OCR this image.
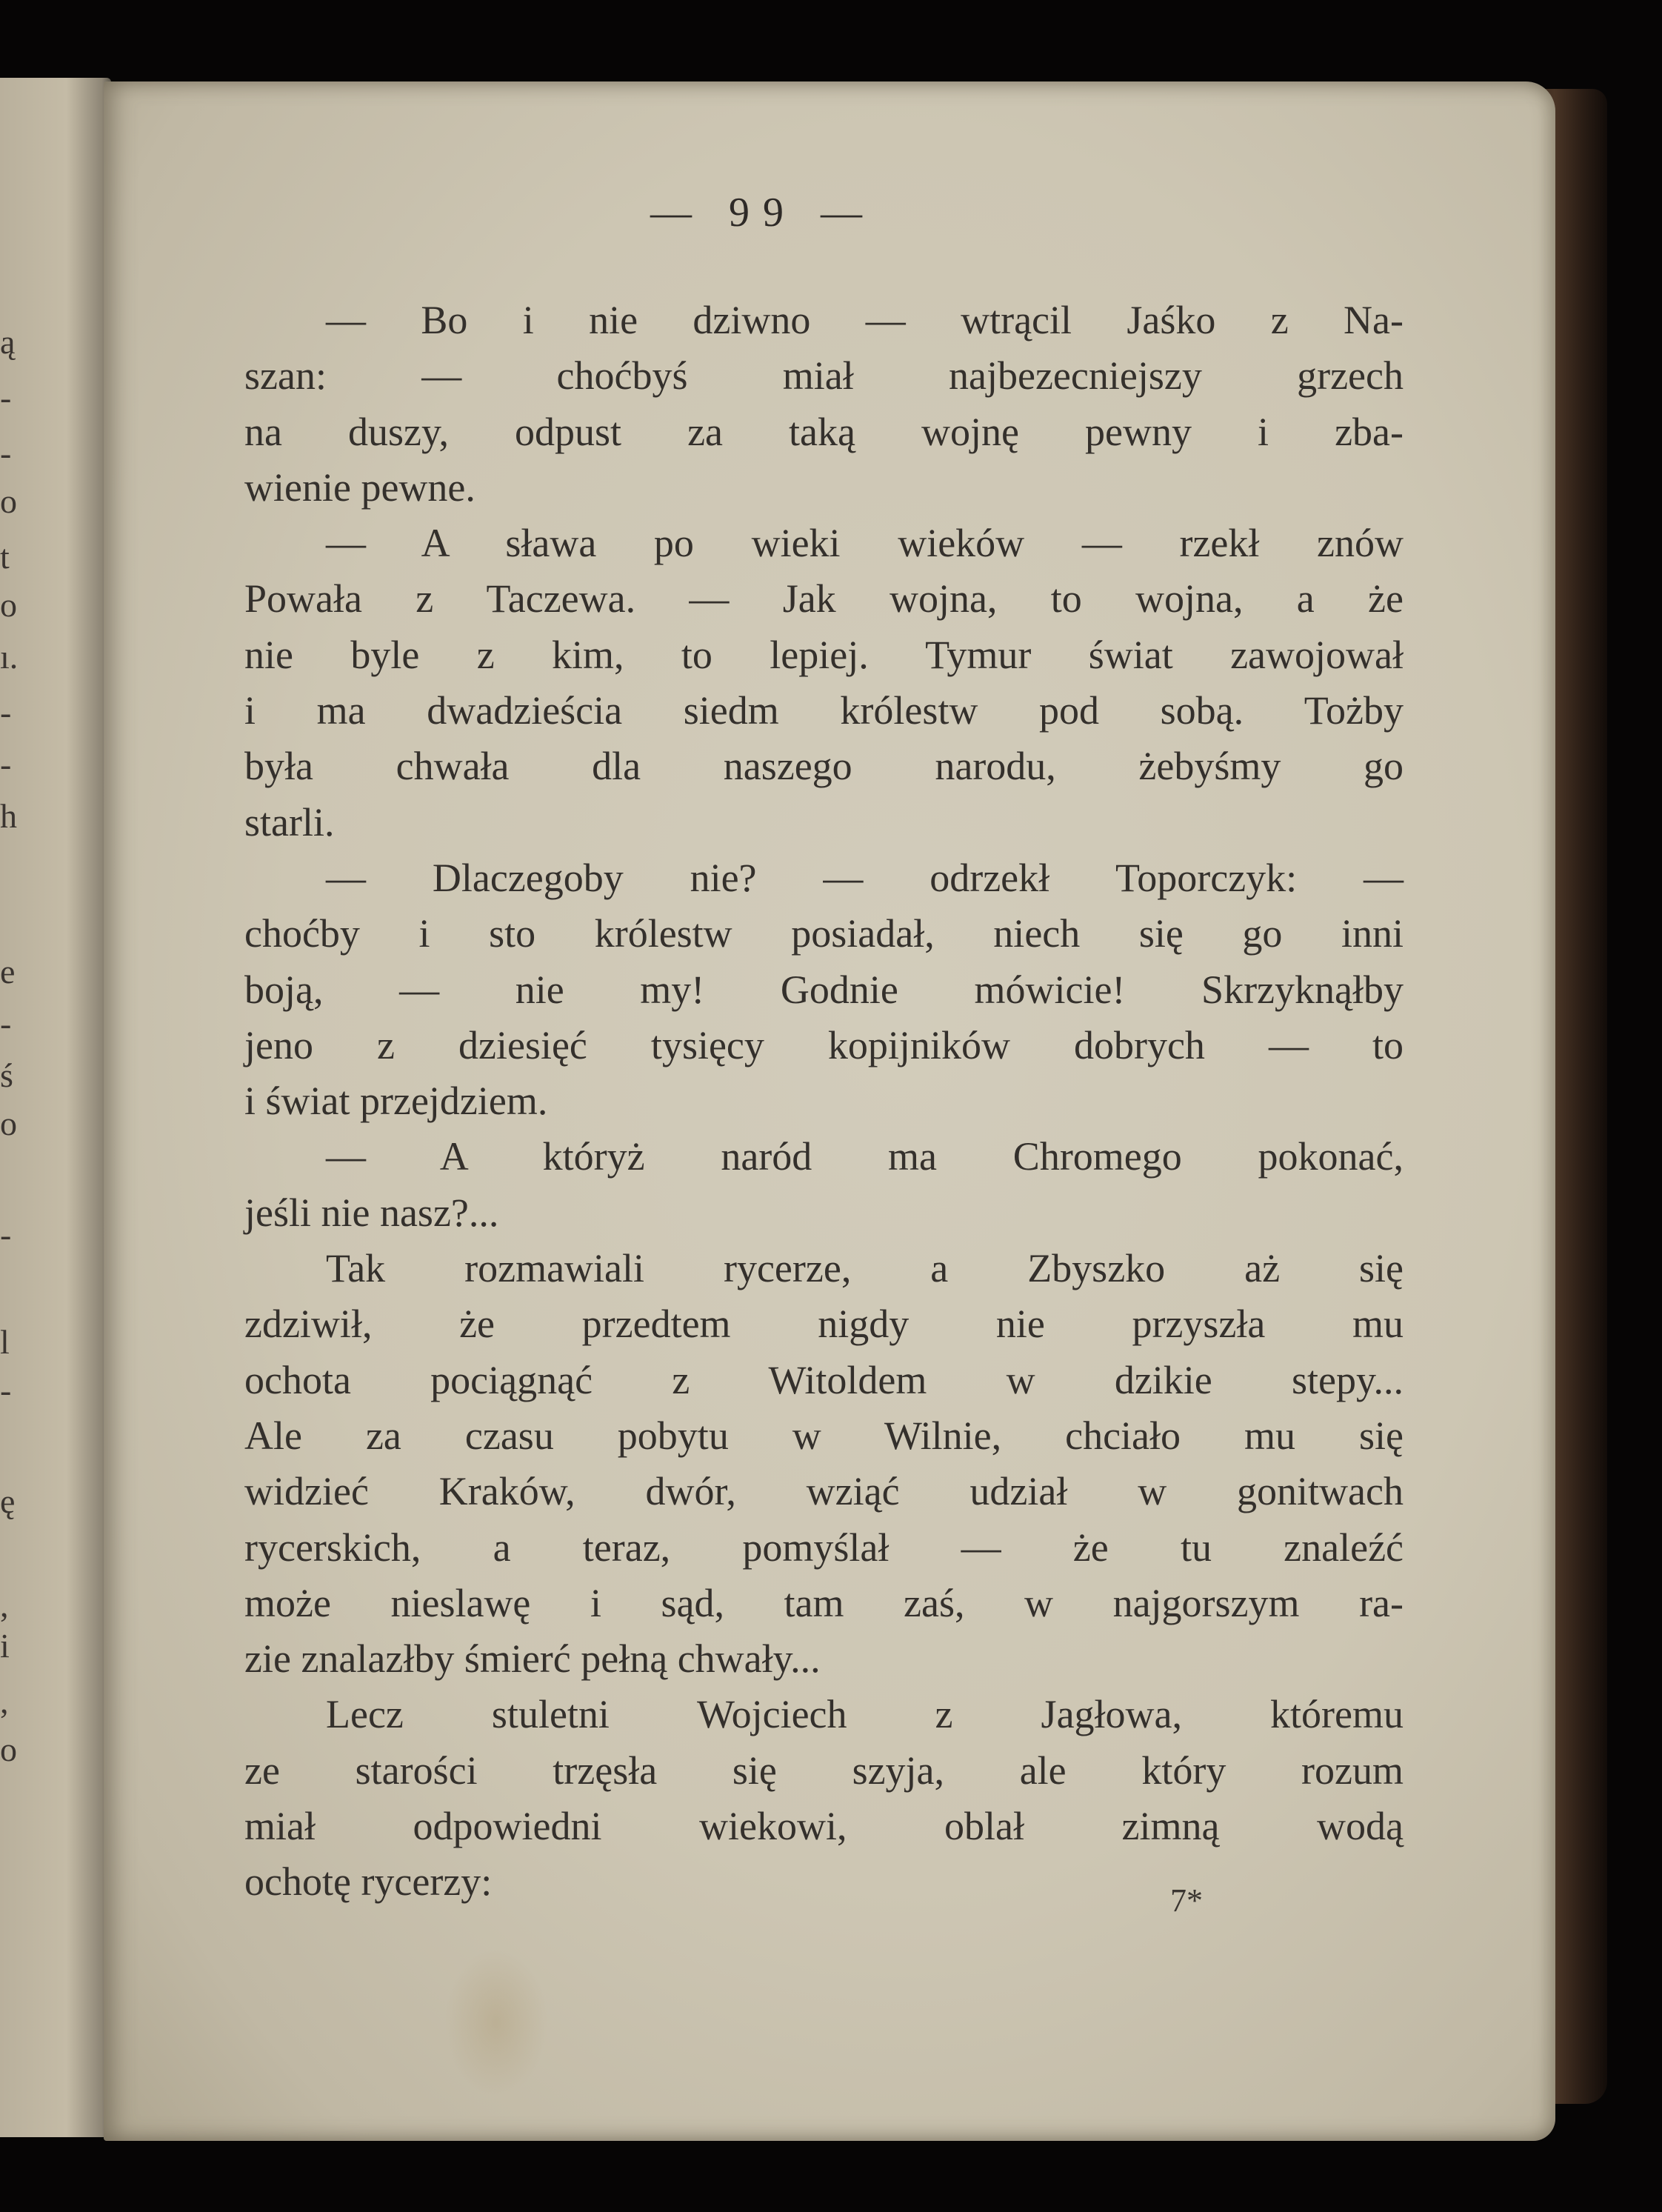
ą
-
-
o
t
o
ı.
-
-
h
e
-
ś
o
-
l
-
ę
,
i
,
o
— 99 —
— Bo i nie dziwno — wtrącil Jaśko z Na-
szan: — choćbyś miał najbezecniejszy grzech
na duszy, odpust za taką wojnę pewny i zba-
wienie pewne.
— A sława po wieki wieków — rzekł znów
Powała z Taczewa. — Jak wojna, to wojna, a że
nie byle z kim, to lepiej. Tymur świat zawojował
i ma dwadzieścia siedm królestw pod sobą. Tożby
była chwała dla naszego narodu, żebyśmy go
starli.
— Dlaczegoby nie? — odrzekł Toporczyk: —
choćby i sto królestw posiadał, niech się go inni
boją, — nie my! Godnie mówicie! Skrzyknąłby
jeno z dziesięć tysięcy kopijników dobrych — to
i świat przejdziem.
— A któryż naród ma Chromego pokonać,
jeśli nie nasz?...
Tak rozmawiali rycerze, a Zbyszko aż się
zdziwił, że przedtem nigdy nie przyszła mu
ochota pociągnąć z Witoldem w dzikie stepy...
Ale za czasu pobytu w Wilnie, chciało mu się
widzieć Kraków, dwór, wziąć udział w gonitwach
rycerskich, a teraz, pomyślał — że tu znaleźć
może nieslawę i sąd, tam zaś, w najgorszym ra-
zie znalazłby śmierć pełną chwały...
Lecz stuletni Wojciech z Jagłowa, któremu
ze starości trzęsła się szyja, ale który rozum
miał odpowiedni wiekowi, oblał zimną wodą
ochotę rycerzy:	7*
